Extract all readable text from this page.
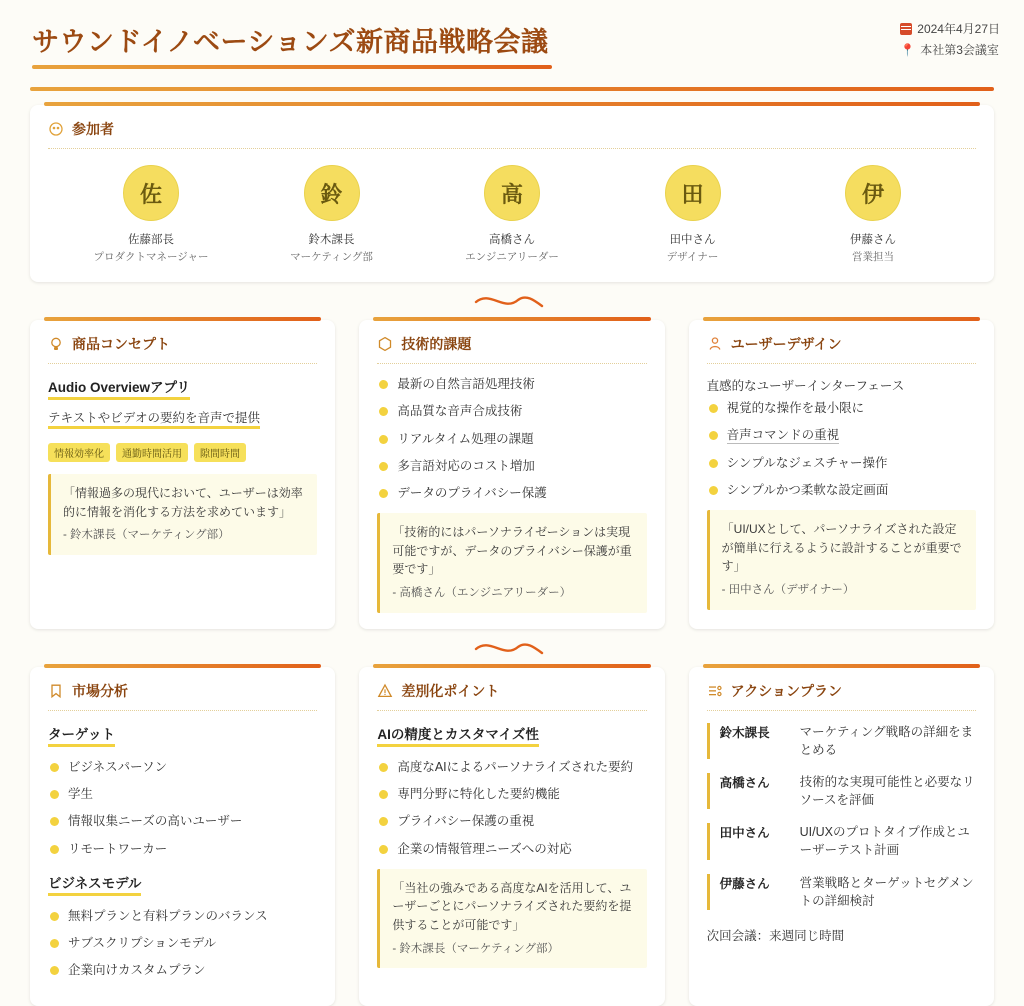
サウンドイノベーションズ新商品戦略会議	2024年4月27日
📍 本社第3会議室
参加者
佐
佐藤部長
プロダクトマネージャー
鈴
鈴木課長
マーケティング部
高
高橋さん
エンジニアリーダー
田
田中さん
デザイナー
伊
伊藤さん
営業担当
商品コンセプト
Audio Overviewアプリ テキストやビデオの要約を音声で提供
情報効率化	通勤時間活用	隙間時間
「情報過多の現代において、ユーザーは効率的に情報を消化する方法を求めています」
- 鈴木課長（マーケティング部）
技術的課題
最新の自然言語処理技術
高品質な音声合成技術
リアルタイム処理の課題
多言語対応のコスト増加
データのプライバシー保護
「技術的にはパーソナライゼーションは実現可能ですが、データのプライバシー保護が重要です」
- 高橋さん（エンジニアリーダー）
ユーザーデザイン
直感的なユーザーインターフェース
視覚的な操作を最小限に
音声コマンドの重視
シンプルなジェスチャー操作
シンプルかつ柔軟な設定画面
「UI/UXとして、パーソナライズされた設定が簡単に行えるように設計することが重要です」
- 田中さん（デザイナー）
市場分析
ターゲット
ビジネスパーソン
学生
情報収集ニーズの高いユーザー
リモートワーカー
ビジネスモデル
無料プランと有料プランのバランス
サブスクリプションモデル
企業向けカスタムプラン
差別化ポイント
AIの精度とカスタマイズ性
高度なAIによるパーソナライズされた要約
専門分野に特化した要約機能
プライバシー保護の重視
企業の情報管理ニーズへの対応
「当社の強みである高度なAIを活用して、ユーザーごとにパーソナライズされた要約を提供することが可能です」
- 鈴木課長（マーケティング部）
アクションプラン
鈴木課長	マーケティング戦略の詳細をまとめる
高橋さん	技術的な実現可能性と必要なリソースを評価
田中さん	UI/UXのプロトタイプ作成とユーザーテスト計画
伊藤さん	営業戦略とターゲットセグメントの詳細検討
次回会議：来週同じ時間
